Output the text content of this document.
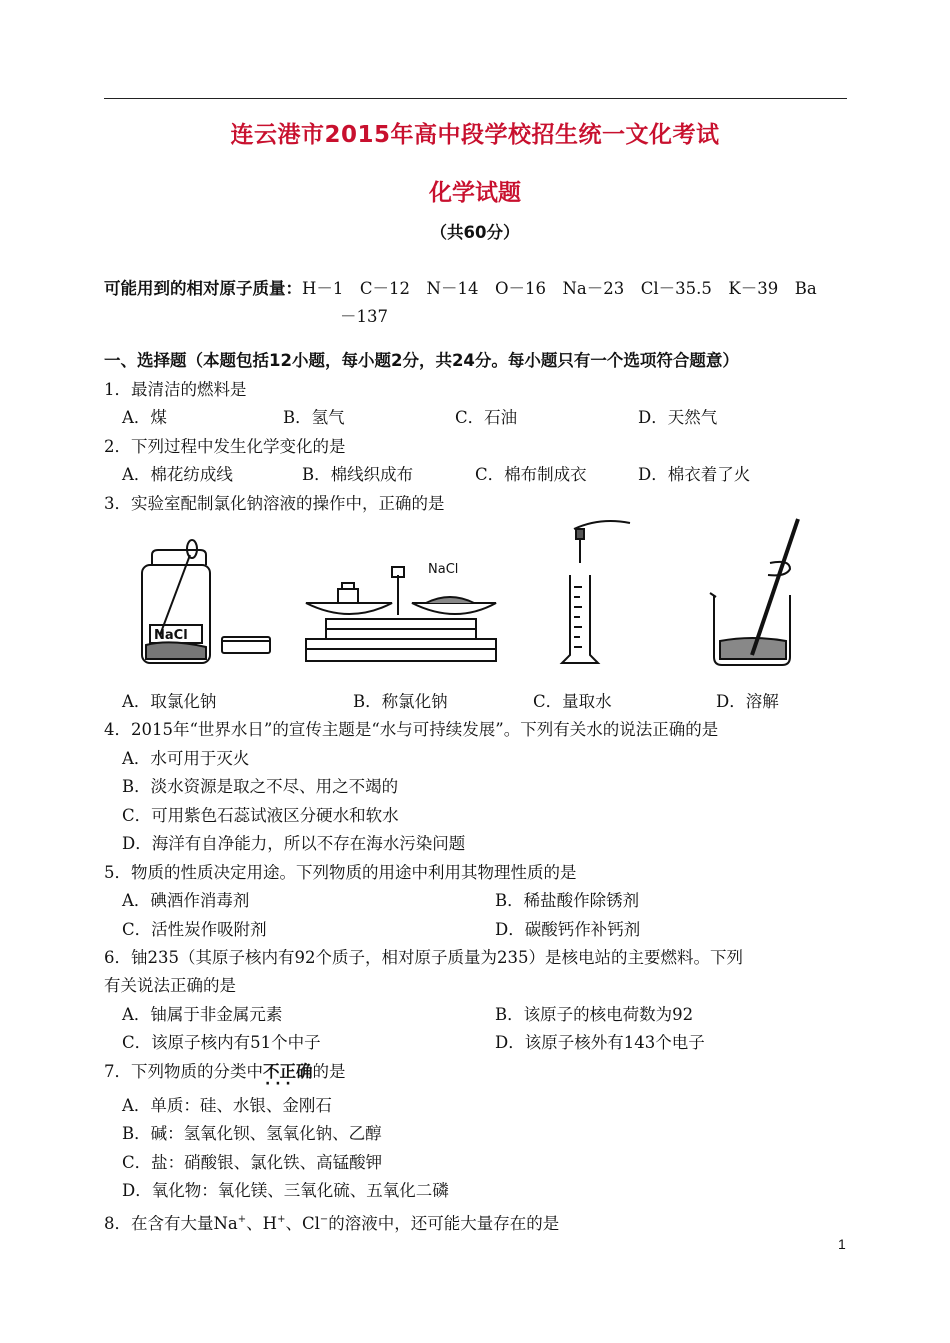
连云港市2015年高中段学校招生统一文化考试
化学试题
（共60分）
可能用到的相对原子质量：H－1　C－12　N－14　O－16　Na－23　Cl－35.5　K－39　Ba
－137
一、选择题（本题包括12小题，每小题2分，共24分。每小题只有一个选项符合题意）
1．最清洁的燃料是
A．煤	B．氢气	C．石油	D．天然气
2．下列过程中发生化学变化的是
A．棉花纺成线	B．棉线织成布	C．棉布制成衣	D．棉衣着了火
3．实验室配制氯化钠溶液的操作中，正确的是
NaCl
NaCl
A．取氯化钠	B．称氯化钠	C．量取水	D．溶解
4．2015年“世界水日”的宣传主题是“水与可持续发展”。下列有关水的说法正确的是
A．水可用于灭火
B．淡水资源是取之不尽、用之不竭的
C．可用紫色石蕊试液区分硬水和软水
D．海洋有自净能力，所以不存在海水污染问题
5．物质的性质决定用途。下列物质的用途中利用其物理性质的是
A．碘酒作消毒剂	B．稀盐酸作除锈剂
C．活性炭作吸附剂	D．碳酸钙作补钙剂
6．铀235（其原子核内有92个质子，相对原子质量为235）是核电站的主要燃料。下列
有关说法正确的是
A．铀属于非金属元素	B．该原子的核电荷数为92
C．该原子核内有51个中子	D．该原子核外有143个电子
7．下列物质的分类中不正确 · · ·的是
A．单质：硅、水银、金刚石
B．碱：氢氧化钡、氢氧化钠、乙醇
C．盐：硝酸银、氯化铁、高锰酸钾
D．氧化物：氧化镁、三氧化硫、五氧化二磷
8．在含有大量Na+、H+、Cl−的溶液中，还可能大量存在的是
1
